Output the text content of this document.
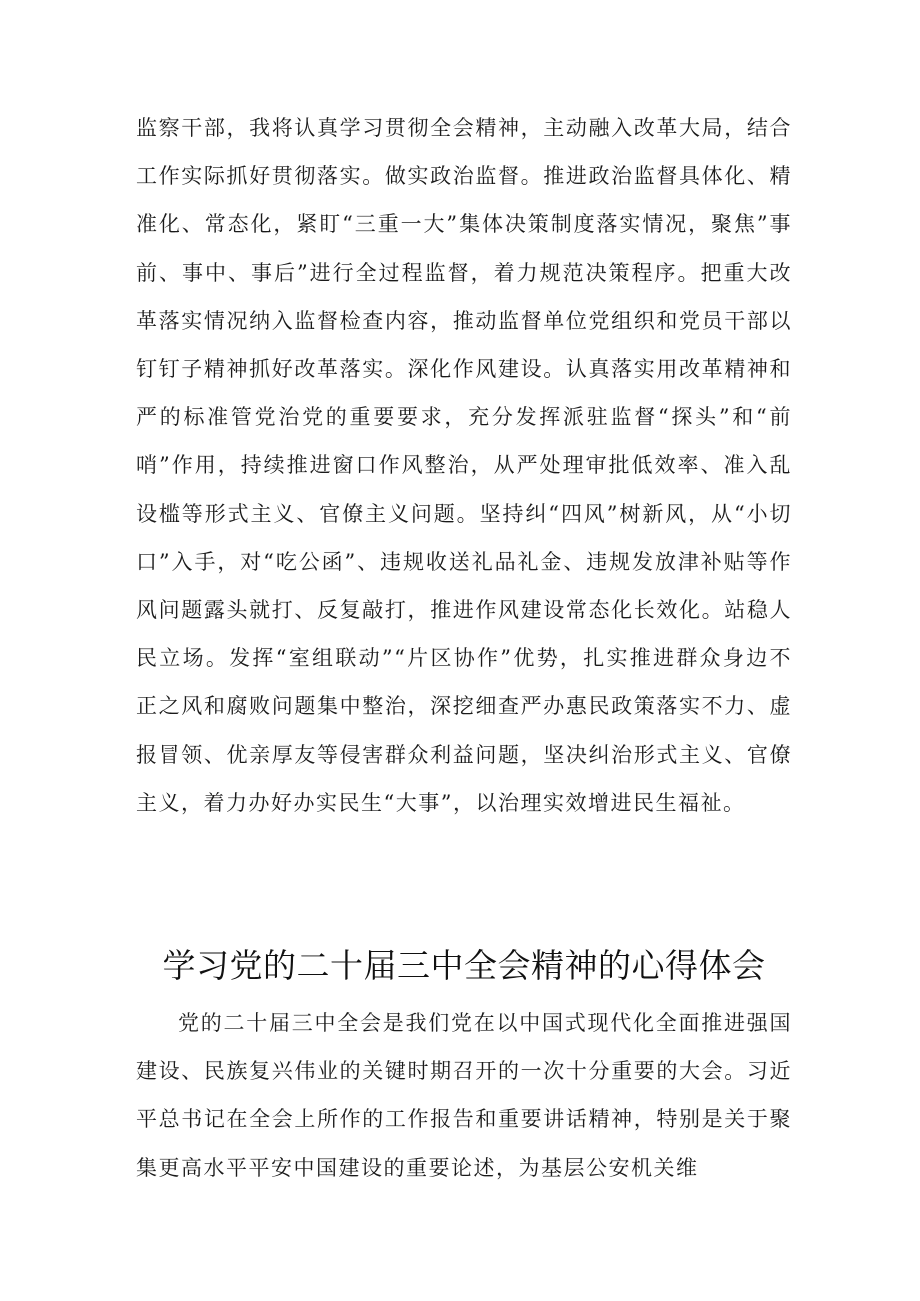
监察干部，我将认真学习贯彻全会精神，主动融入改革大局，结合工作实际抓好贯彻落实。做实政治监督。推进政治监督具体化、精准化、常态化，紧盯“三重一大”集体决策制度落实情况，聚焦”事前、事中、事后”进行全过程监督，着力规范决策程序。把重大改革落实情况纳入监督检查内容，推动监督单位党组织和党员干部以钉钉子精神抓好改革落实。深化作风建设。认真落实用改革精神和严的标准管党治党的重要要求，充分发挥派驻监督“探头”和“前哨”作用，持续推进窗口作风整治，从严处理审批低效率、准入乱设槛等形式主义、官僚主义问题。坚持纠“四风”树新风，从“小切口”入手，对“吃公函”、违规收送礼品礼金、违规发放津补贴等作风问题露头就打、反复敲打，推进作风建设常态化长效化。站稳人民立场。发挥“室组联动”“片区协作”优势，扎实推进群众身边不正之风和腐败问题集中整治，深挖细查严办惠民政策落实不力、虚报冒领、优亲厚友等侵害群众利益问题，坚决纠治形式主义、官僚主义，着力办好办实民生“大事”，以治理实效增进民生福祉。

学习党的二十届三中全会精神的心得体会

党的二十届三中全会是我们党在以中国式现代化全面推进强国建设、民族复兴伟业的关键时期召开的一次十分重要的大会。习近平总书记在全会上所作的工作报告和重要讲话精神，特别是关于聚集更高水平平安中国建设的重要论述，为基层公安机关维
